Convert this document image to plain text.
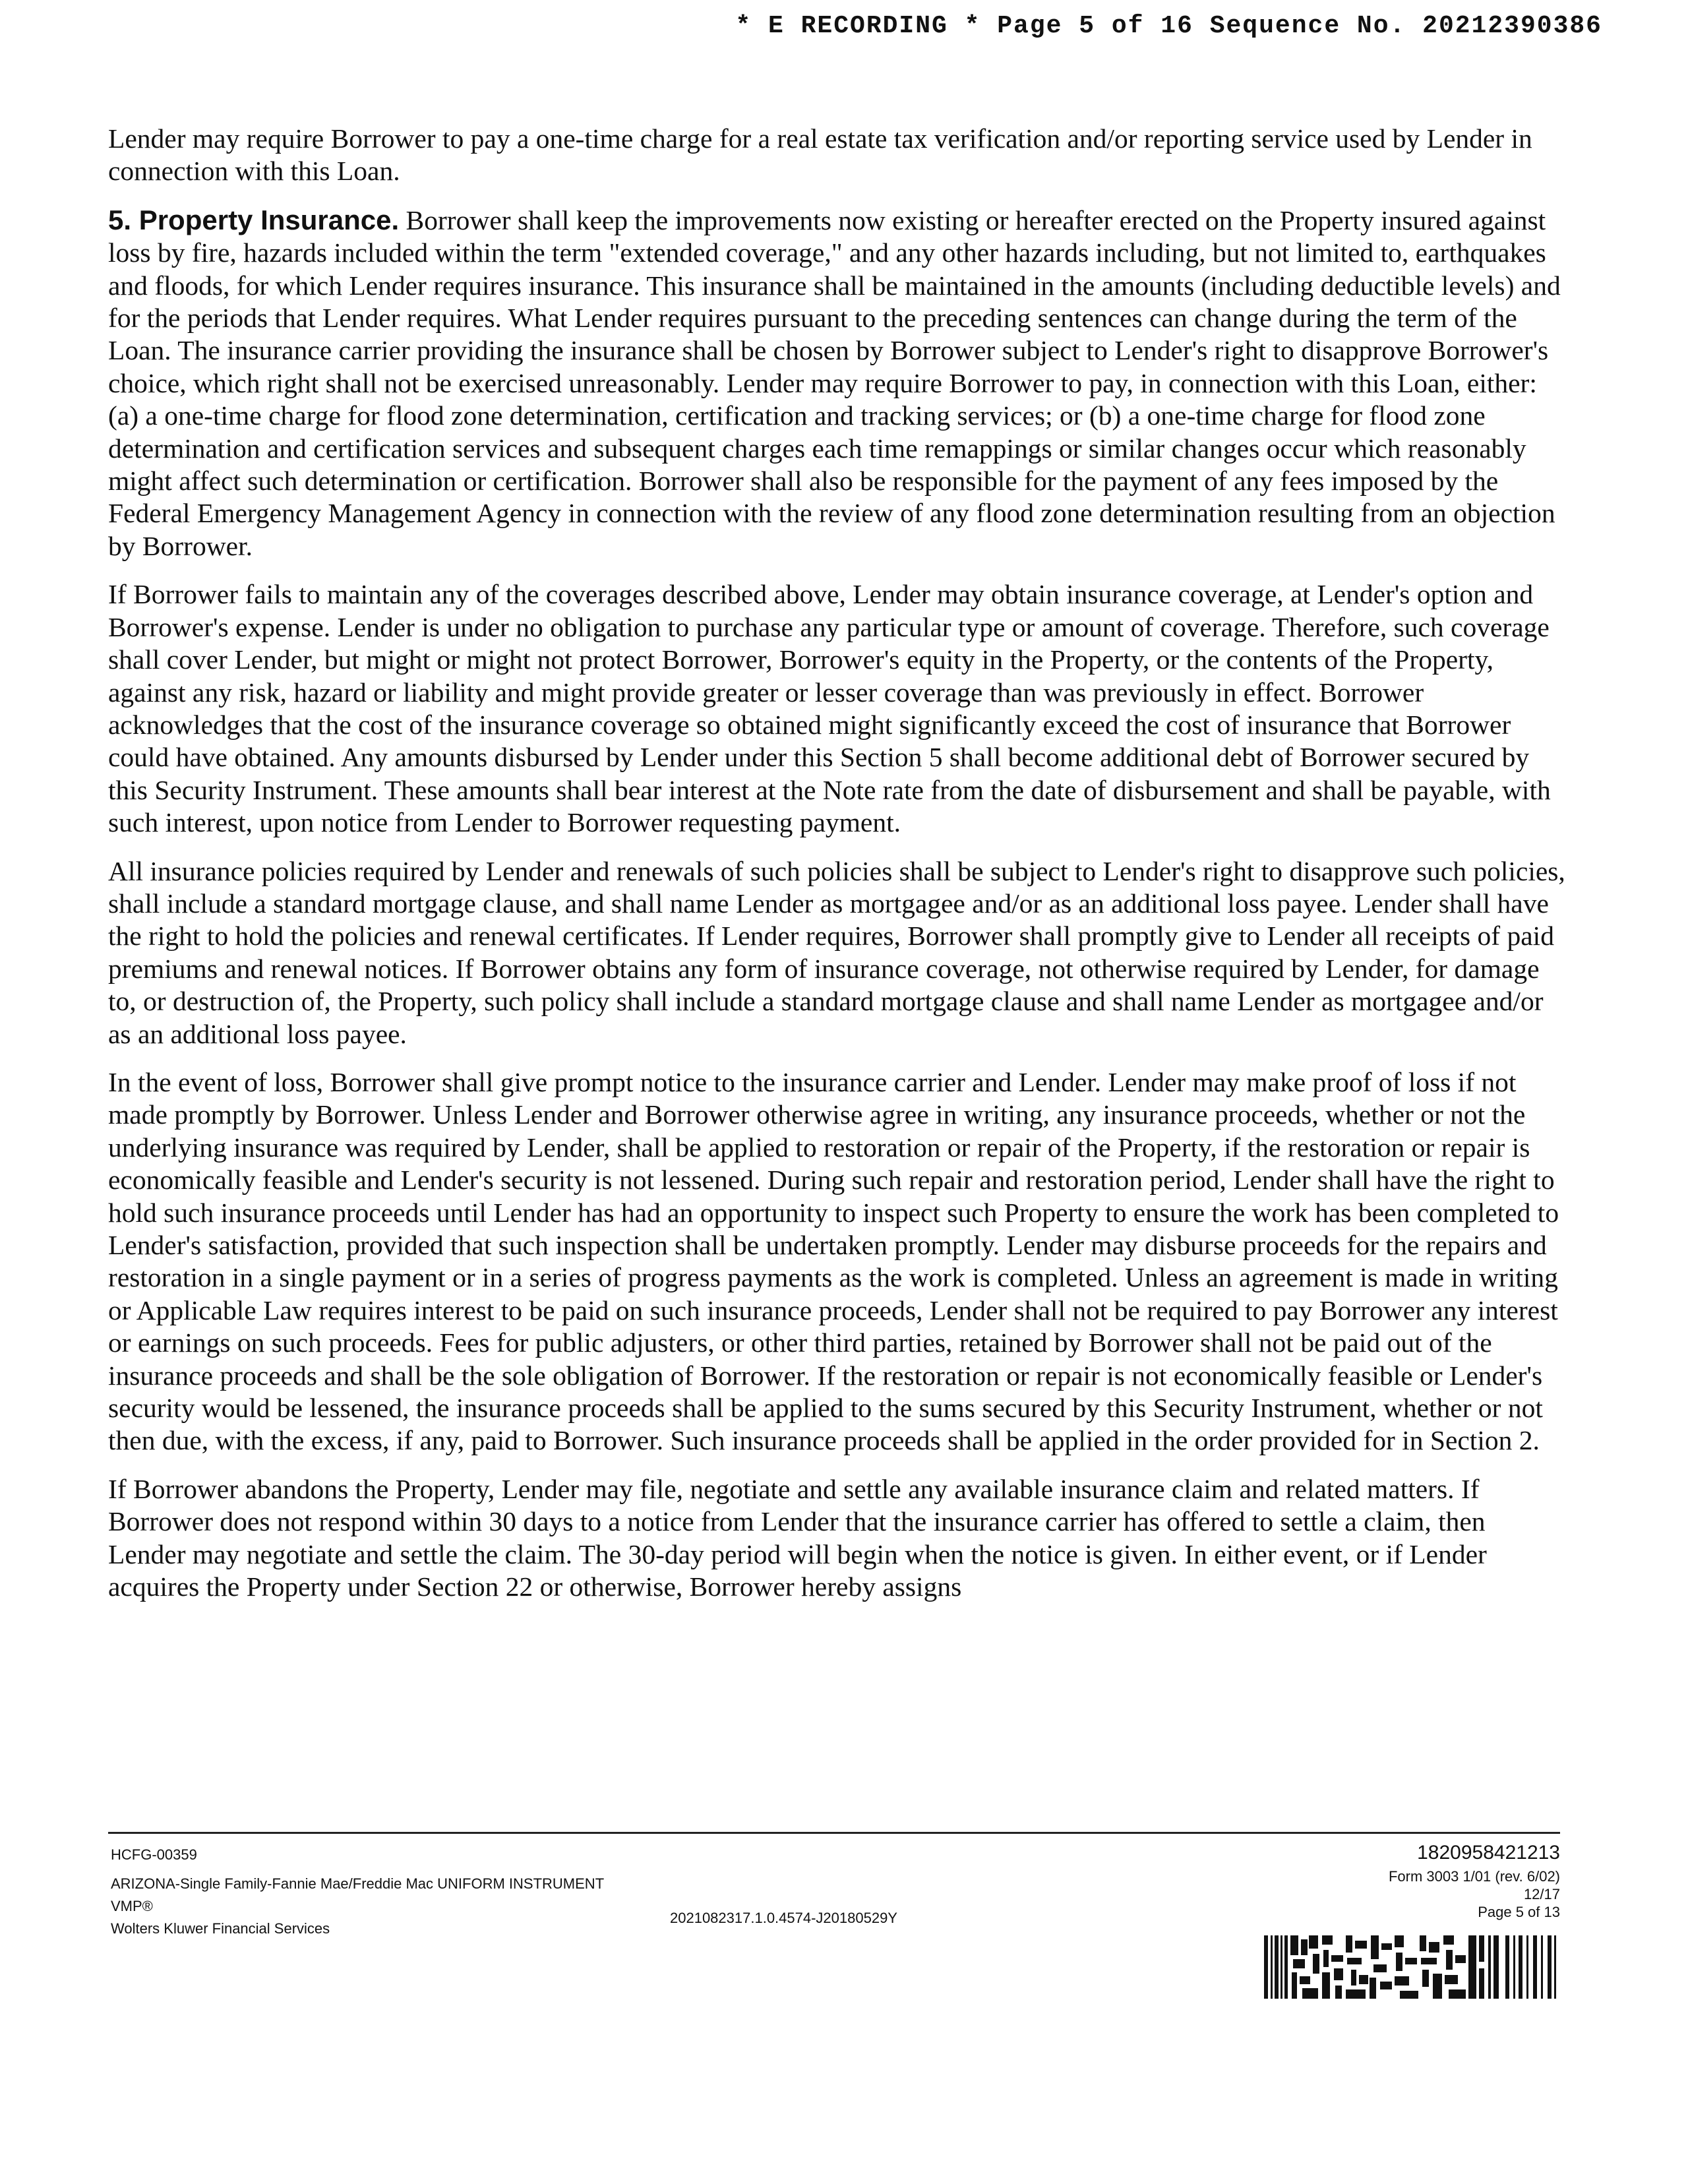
* E RECORDING * Page 5 of 16 Sequence No. 20212390386

Lender may require Borrower to pay a one-time charge for a real estate tax verification and/or reporting service used by Lender in connection with this Loan.

5. Property Insurance. Borrower shall keep the improvements now existing or hereafter erected on the Property insured against loss by fire, hazards included within the term "extended coverage," and any other hazards including, but not limited to, earthquakes and floods, for which Lender requires insurance. This insurance shall be maintained in the amounts (including deductible levels) and for the periods that Lender requires. What Lender requires pursuant to the preceding sentences can change during the term of the Loan. The insurance carrier providing the insurance shall be chosen by Borrower subject to Lender's right to disapprove Borrower's choice, which right shall not be exercised unreasonably. Lender may require Borrower to pay, in connection with this Loan, either: (a) a one-time charge for flood zone determination, certification and tracking services; or (b) a one-time charge for flood zone determination and certification services and subsequent charges each time remappings or similar changes occur which reasonably might affect such determination or certification. Borrower shall also be responsible for the payment of any fees imposed by the Federal Emergency Management Agency in connection with the review of any flood zone determination resulting from an objection by Borrower.

If Borrower fails to maintain any of the coverages described above, Lender may obtain insurance coverage, at Lender's option and Borrower's expense. Lender is under no obligation to purchase any particular type or amount of coverage. Therefore, such coverage shall cover Lender, but might or might not protect Borrower, Borrower's equity in the Property, or the contents of the Property, against any risk, hazard or liability and might provide greater or lesser coverage than was previously in effect. Borrower acknowledges that the cost of the insurance coverage so obtained might significantly exceed the cost of insurance that Borrower could have obtained. Any amounts disbursed by Lender under this Section 5 shall become additional debt of Borrower secured by this Security Instrument. These amounts shall bear interest at the Note rate from the date of disbursement and shall be payable, with such interest, upon notice from Lender to Borrower requesting payment.

All insurance policies required by Lender and renewals of such policies shall be subject to Lender's right to disapprove such policies, shall include a standard mortgage clause, and shall name Lender as mortgagee and/or as an additional loss payee. Lender shall have the right to hold the policies and renewal certificates. If Lender requires, Borrower shall promptly give to Lender all receipts of paid premiums and renewal notices. If Borrower obtains any form of insurance coverage, not otherwise required by Lender, for damage to, or destruction of, the Property, such policy shall include a standard mortgage clause and shall name Lender as mortgagee and/or as an additional loss payee.

In the event of loss, Borrower shall give prompt notice to the insurance carrier and Lender. Lender may make proof of loss if not made promptly by Borrower. Unless Lender and Borrower otherwise agree in writing, any insurance proceeds, whether or not the underlying insurance was required by Lender, shall be applied to restoration or repair of the Property, if the restoration or repair is economically feasible and Lender's security is not lessened. During such repair and restoration period, Lender shall have the right to hold such insurance proceeds until Lender has had an opportunity to inspect such Property to ensure the work has been completed to Lender's satisfaction, provided that such inspection shall be undertaken promptly. Lender may disburse proceeds for the repairs and restoration in a single payment or in a series of progress payments as the work is completed. Unless an agreement is made in writing or Applicable Law requires interest to be paid on such insurance proceeds, Lender shall not be required to pay Borrower any interest or earnings on such proceeds. Fees for public adjusters, or other third parties, retained by Borrower shall not be paid out of the insurance proceeds and shall be the sole obligation of Borrower. If the restoration or repair is not economically feasible or Lender's security would be lessened, the insurance proceeds shall be applied to the sums secured by this Security Instrument, whether or not then due, with the excess, if any, paid to Borrower. Such insurance proceeds shall be applied in the order provided for in Section 2.

If Borrower abandons the Property, Lender may file, negotiate and settle any available insurance claim and related matters. If Borrower does not respond within 30 days to a notice from Lender that the insurance carrier has offered to settle a claim, then Lender may negotiate and settle the claim. The 30-day period will begin when the notice is given. In either event, or if Lender acquires the Property under Section 22 or otherwise, Borrower hereby assigns

HCFG-00359
ARIZONA-Single Family-Fannie Mae/Freddie Mac UNIFORM INSTRUMENT
VMP®
Wolters Kluwer Financial Services
2021082317.1.0.4574-J20180529Y
1820958421213
Form 3003 1/01 (rev. 6/02)
12/17
Page 5 of 13
